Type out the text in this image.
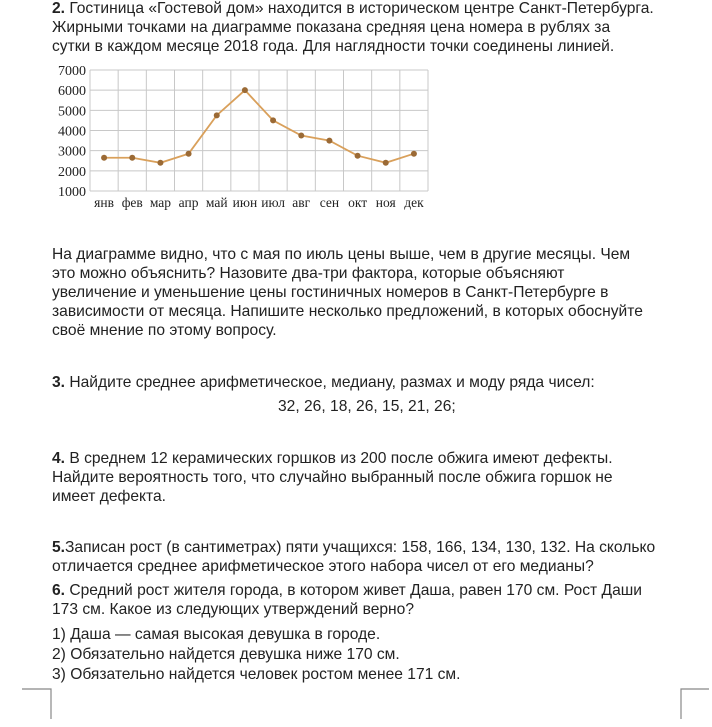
2. Гостиница «Гостевой дом» находится в историческом центре Санкт-Петербурга.
Жирными точками на диаграмме показана средняя цена номера в рублях за
сутки в каждом месяце 2018 года. Для наглядности точки соединены линией.
1000
2000
3000
4000
5000
6000
7000
янв фев мар апр май июн июл авг сен окт ноя дек
На диаграмме видно, что с мая по июль цены выше, чем в другие месяцы. Чем
это можно объяснить? Назовите два-три фактора, которые объясняют
увеличение и уменьшение цены гостиничных номеров в Санкт-Петербурге в
зависимости от месяца. Напишите несколько предложений, в которых обоснуйте
своё мнение по этому вопросу.
3. Найдите среднее арифметическое, медиану, размах и моду ряда чисел:
32, 26, 18, 26, 15, 21, 26;
4. В среднем 12 керамических горшков из 200 после обжига имеют дефекты.
Найдите вероятность того, что случайно выбранный после обжига горшок не
имеет дефекта.
5.Записан рост (в сантиметрах) пяти учащихся: 158, 166, 134, 130, 132. На сколько
отличается среднее арифметическое этого набора чисел от его медианы?
6. Средний рост жителя города, в котором живет Даша, равен 170 см. Рост Даши
173 см. Какое из следующих утверждений верно?
1) Даша — самая высокая девушка в городе.
2) Обязательно найдется девушка ниже 170 см.
3) Обязательно найдется человек ростом менее 171 см.
